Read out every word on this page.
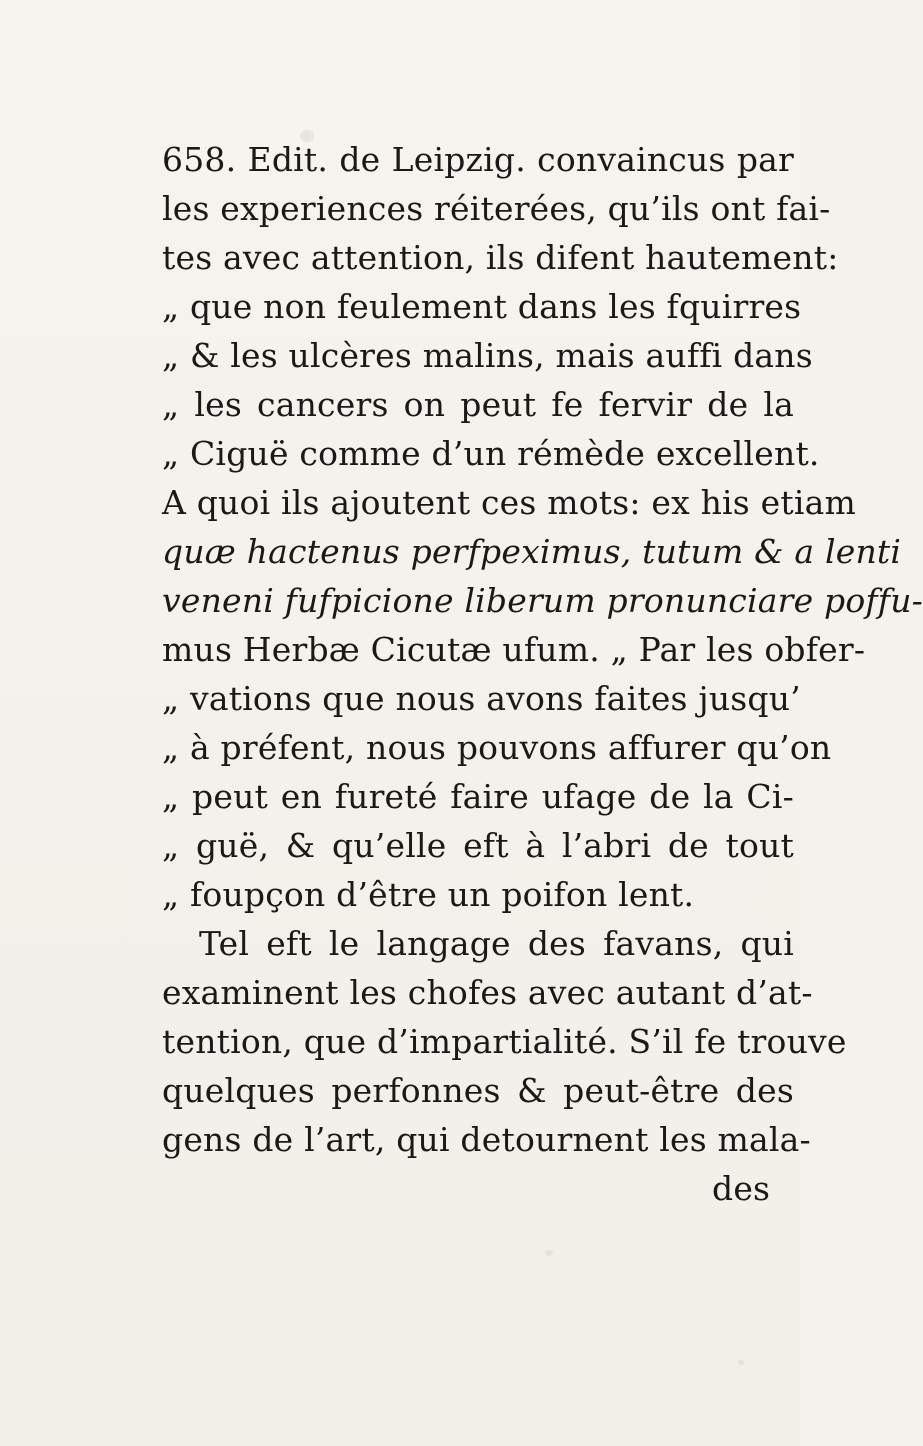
658. Edit. de Leipzig. convaincus par
les experiences réiterées, qu’ils ont fai-
tes avec attention, ils difent hautement:
„ que non feulement dans les fquirres
„ & les ulcères malins, mais auffi dans
„ les cancers on peut fe fervir de la
„ Ciguë comme d’un rémède excellent.
A quoi ils ajoutent ces mots: ex his etiam
quæ hactenus perfpeximus, tutum & a lenti
veneni fufpicione liberum pronunciare poffu-
mus Herbæ Cicutæ ufum. „ Par les obfer-
„ vations que nous avons faites jusqu’
„ à préfent, nous pouvons affurer qu’on
„ peut en fureté faire ufage de la Ci-
„ guë, & qu’elle eft à l’abri de tout
„ foupçon d’être un poifon lent.
Tel eft le langage des favans, qui
examinent les chofes avec autant d’at-
tention, que d’impartialité. S’il fe trouve
quelques perfonnes & peut-être des
gens de l’art, qui detournent les mala-
des
